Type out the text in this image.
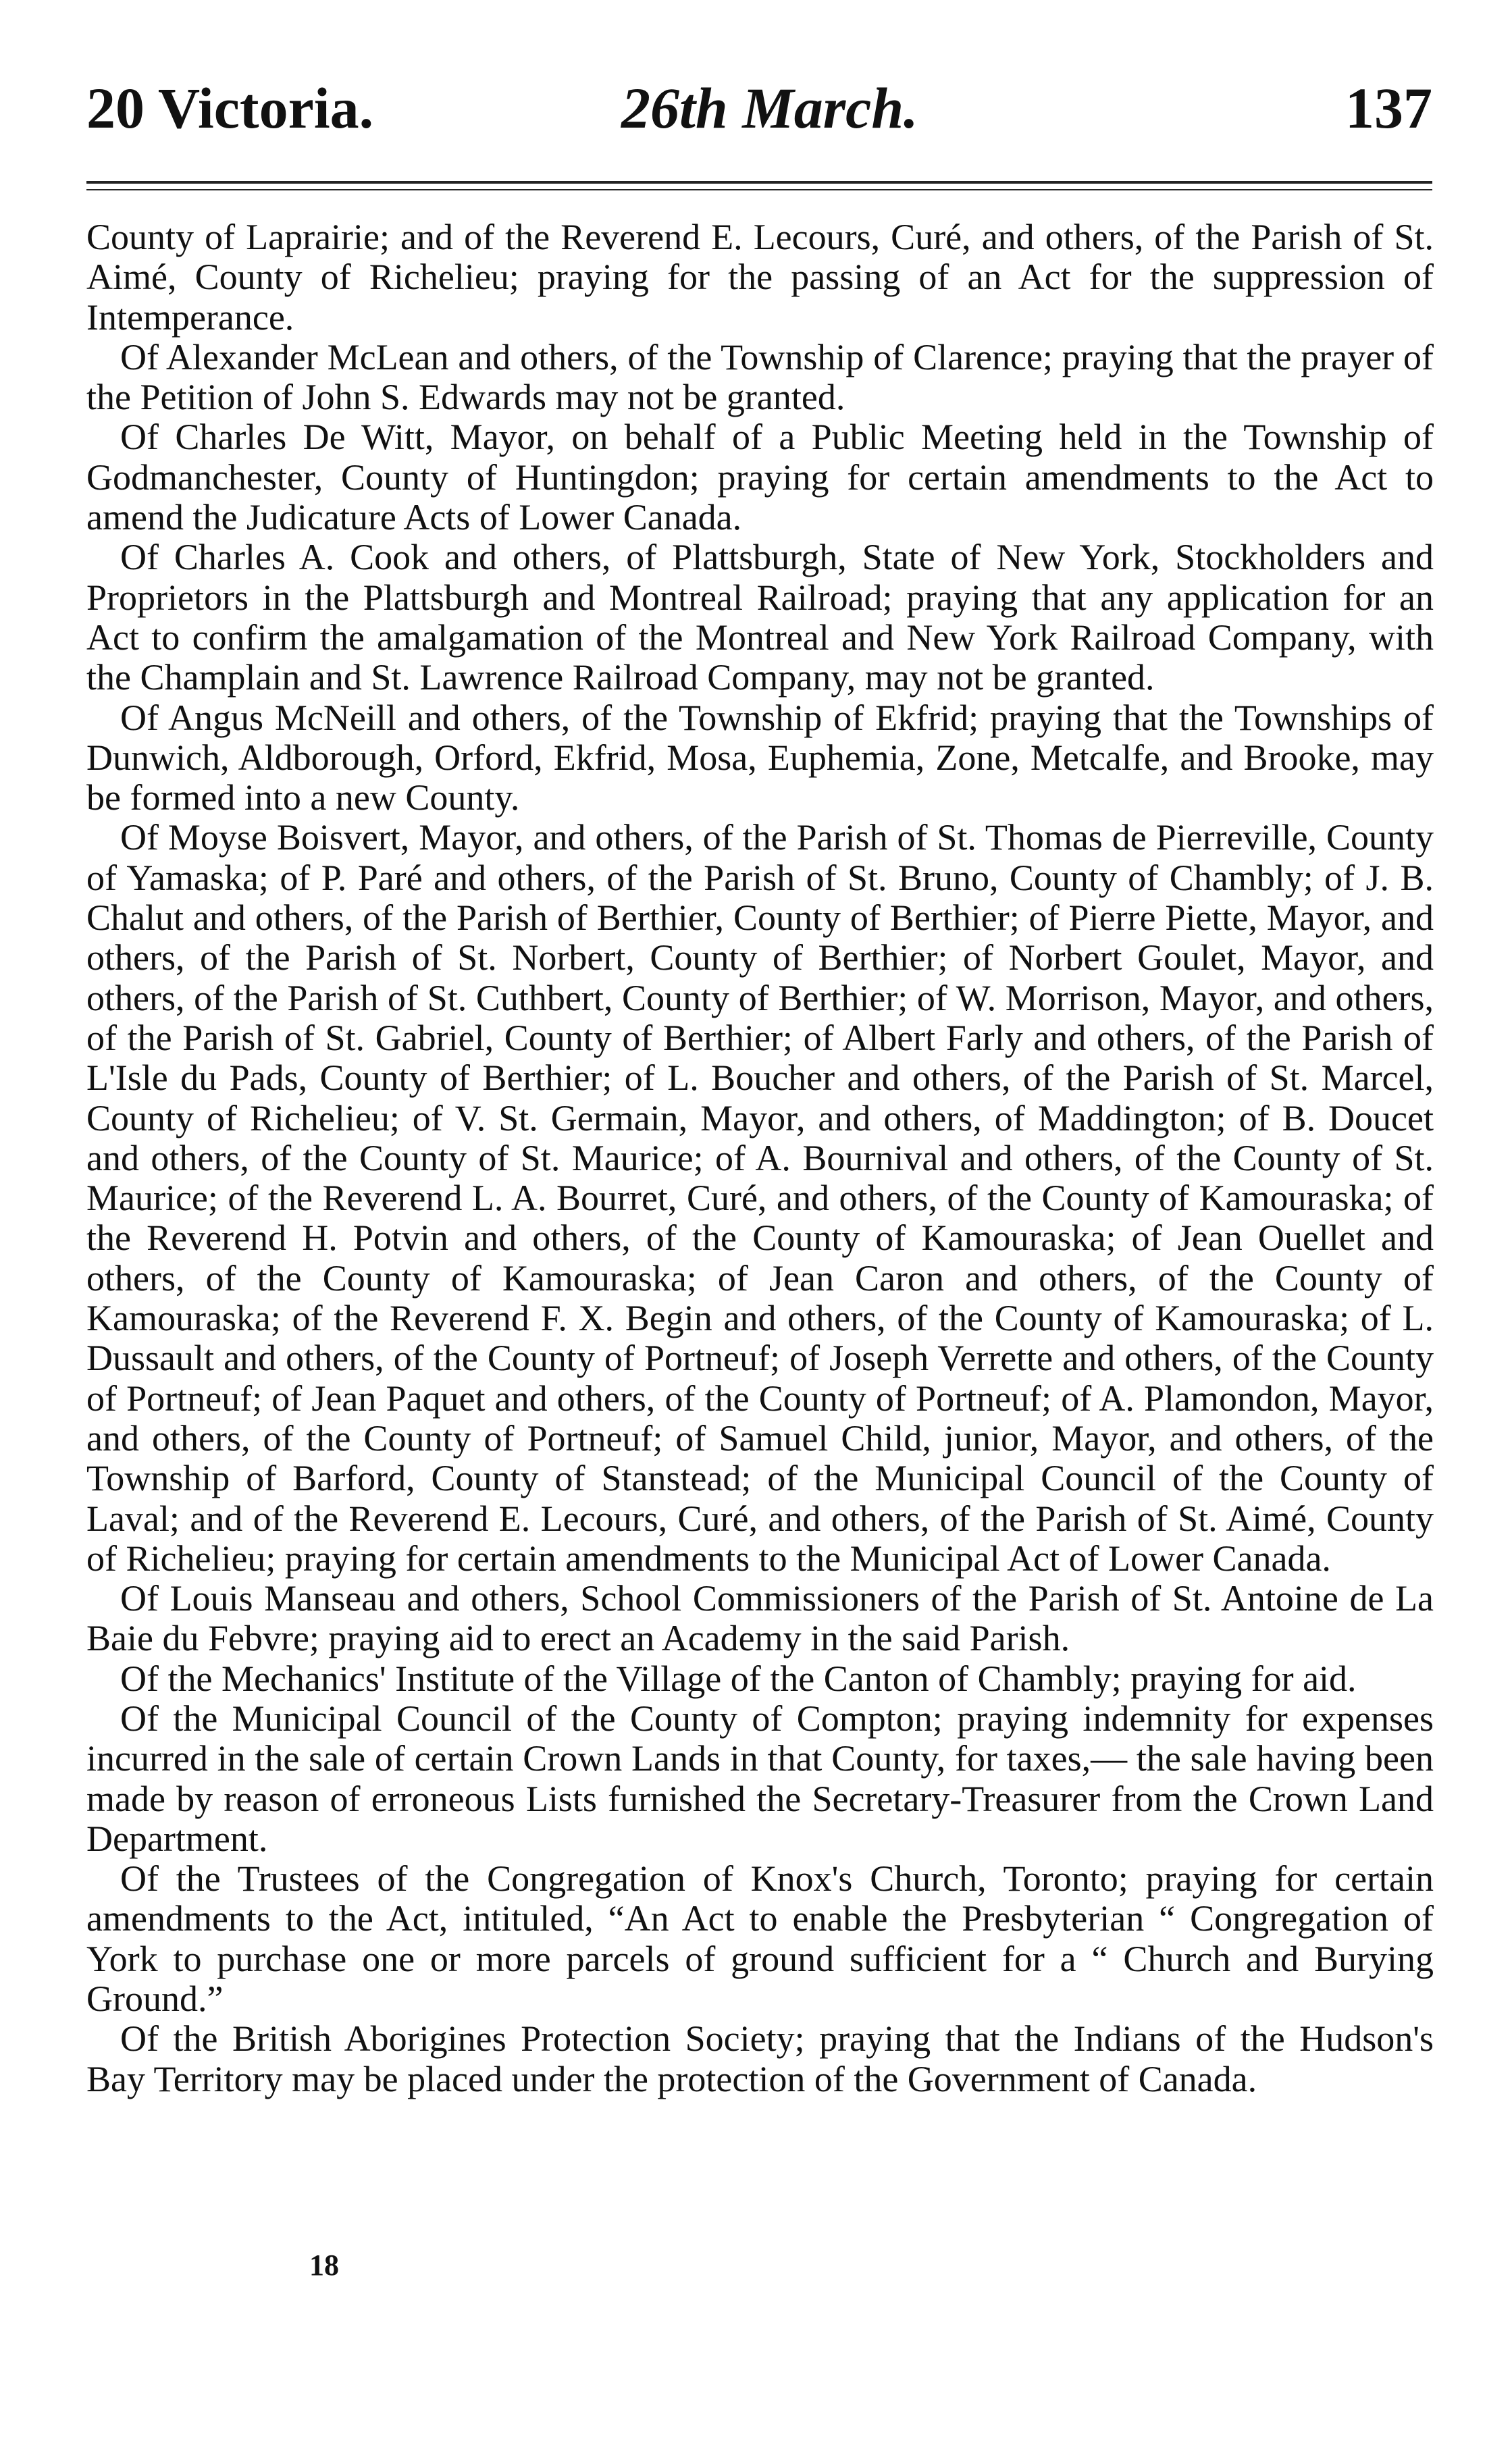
20 Victoria.	26th March.	137

County of Laprairie; and of the Reverend E. Lecours, Curé, and others, of the Parish of St. Aimé, County of Richelieu; praying for the passing of an Act for the suppression of Intemperance.

Of Alexander McLean and others, of the Township of Clarence; praying that the prayer of the Petition of John S. Edwards may not be granted.

Of Charles De Witt, Mayor, on behalf of a Public Meeting held in the Township of Godmanchester, County of Huntingdon; praying for certain amendments to the Act to amend the Judicature Acts of Lower Canada.

Of Charles A. Cook and others, of Plattsburgh, State of New York, Stockholders and Proprietors in the Plattsburgh and Montreal Railroad; praying that any application for an Act to confirm the amalgamation of the Montreal and New York Railroad Company, with the Champlain and St. Lawrence Railroad Company, may not be granted.

Of Angus McNeill and others, of the Township of Ekfrid; praying that the Townships of Dunwich, Aldborough, Orford, Ekfrid, Mosa, Euphemia, Zone, Metcalfe, and Brooke, may be formed into a new County.

Of Moyse Boisvert, Mayor, and others, of the Parish of St. Thomas de Pierreville, County of Yamaska; of P. Paré and others, of the Parish of St. Bruno, County of Chambly; of J. B. Chalut and others, of the Parish of Berthier, County of Berthier; of Pierre Piette, Mayor, and others, of the Parish of St. Norbert, County of Berthier; of Norbert Goulet, Mayor, and others, of the Parish of St. Cuthbert, County of Berthier; of W. Morrison, Mayor, and others, of the Parish of St. Gabriel, County of Berthier; of Albert Farly and others, of the Parish of L'Isle du Pads, County of Berthier; of L. Boucher and others, of the Parish of St. Marcel, County of Richelieu; of V. St. Germain, Mayor, and others, of Maddington; of B. Doucet and others, of the County of St. Maurice; of A. Bournival and others, of the County of St. Maurice; of the Reverend L. A. Bourret, Curé, and others, of the County of Kamouraska; of the Reverend H. Potvin and others, of the County of Kamouraska; of Jean Ouellet and others, of the County of Kamouraska; of Jean Caron and others, of the County of Kamouraska; of the Reverend F. X. Begin and others, of the County of Kamouraska; of L. Dussault and others, of the County of Portneuf; of Joseph Verrette and others, of the County of Portneuf; of Jean Paquet and others, of the County of Portneuf; of A. Plamondon, Mayor, and others, of the County of Portneuf; of Samuel Child, junior, Mayor, and others, of the Township of Barford, County of Stanstead; of the Municipal Council of the County of Laval; and of the Reverend E. Lecours, Curé, and others, of the Parish of St. Aimé, County of Richelieu; praying for certain amendments to the Municipal Act of Lower Canada.

Of Louis Manseau and others, School Commissioners of the Parish of St. Antoine de La Baie du Febvre; praying aid to erect an Academy in the said Parish.

Of the Mechanics' Institute of the Village of the Canton of Chambly; praying for aid.

Of the Municipal Council of the County of Compton; praying indemnity for expenses incurred in the sale of certain Crown Lands in that County, for taxes,— the sale having been made by reason of erroneous Lists furnished the Secretary-Treasurer from the Crown Land Department.

Of the Trustees of the Congregation of Knox's Church, Toronto; praying for certain amendments to the Act, intituled, “An Act to enable the Presbyterian “ Congregation of York to purchase one or more parcels of ground sufficient for a “ Church and Burying Ground.”

Of the British Aborigines Protection Society; praying that the Indians of the Hudson's Bay Territory may be placed under the protection of the Government of Canada.

18
